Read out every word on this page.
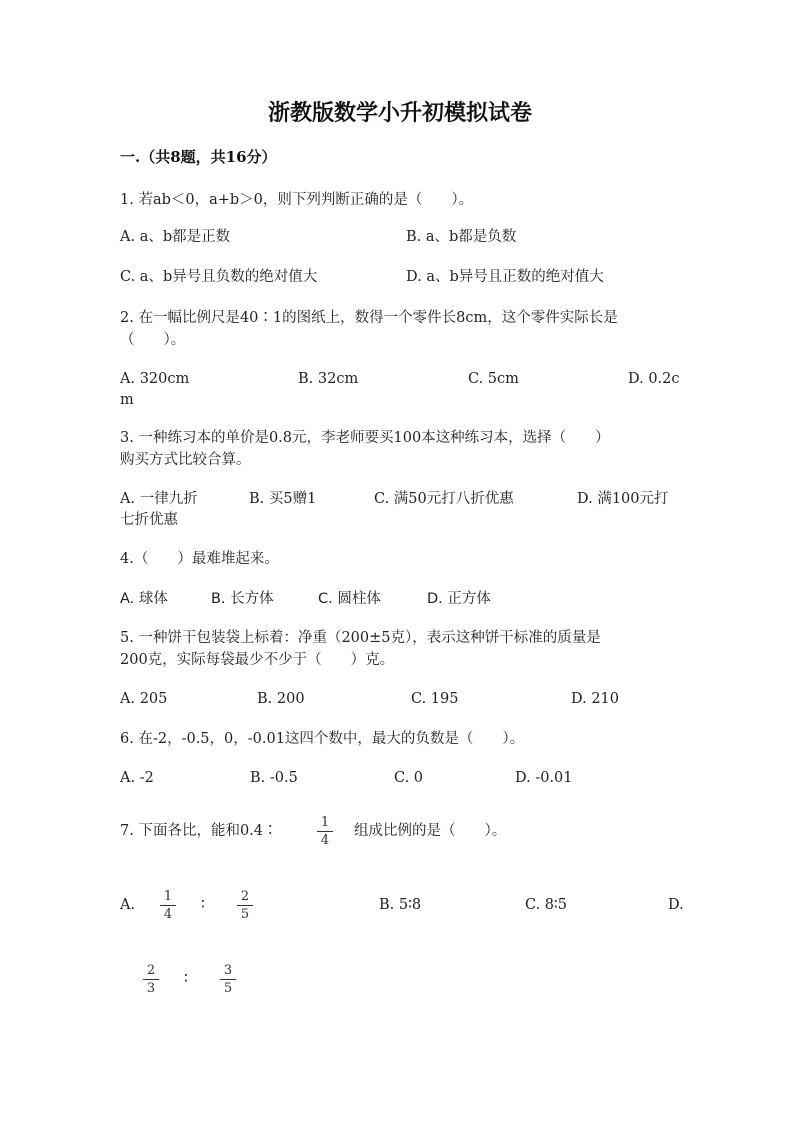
浙教版数学小升初模拟试卷
一.（共8题，共16分）
1. 若ab＜0，a+b＞0，则下列判断正确的是（　　）。
A. a、b都是正数	B. a、b都是负数
C. a、b异号且负数的绝对值大	D. a、b异号且正数的绝对值大
2. 在一幅比例尺是40∶1的图纸上，数得一个零件长8cm，这个零件实际长是
（　　）。
A. 320cm	B. 32cm	C. 5cm	D. 0.2c
m
3. 一种练习本的单价是0.8元，李老师要买100本这种练习本，选择（　　）
购买方式比较合算。
A. 一律九折	B. 买5赠1	C. 满50元打八折优惠	D. 满100元打
七折优惠
4.（　　）最难堆起来。
A. 球体	B. 长方体	C. 圆柱体	D. 正方体
5. 一种饼干包装袋上标着：净重（200±5克），表示这种饼干标准的质量是
200克，实际每袋最少不少于（　　）克。
A. 205	B. 200	C. 195	D. 210
6. 在-2，-0.5，0，-0.01这四个数中，最大的负数是（　　）。
A. -2	B. -0.5	C. 0	D. -0.01
7. 下面各比，能和0.4∶
1
4
组成比例的是（　　）。
A.
1
4
∶
2
5
B. 5∶8	C. 8∶5	D.
2
3
∶
3
5
